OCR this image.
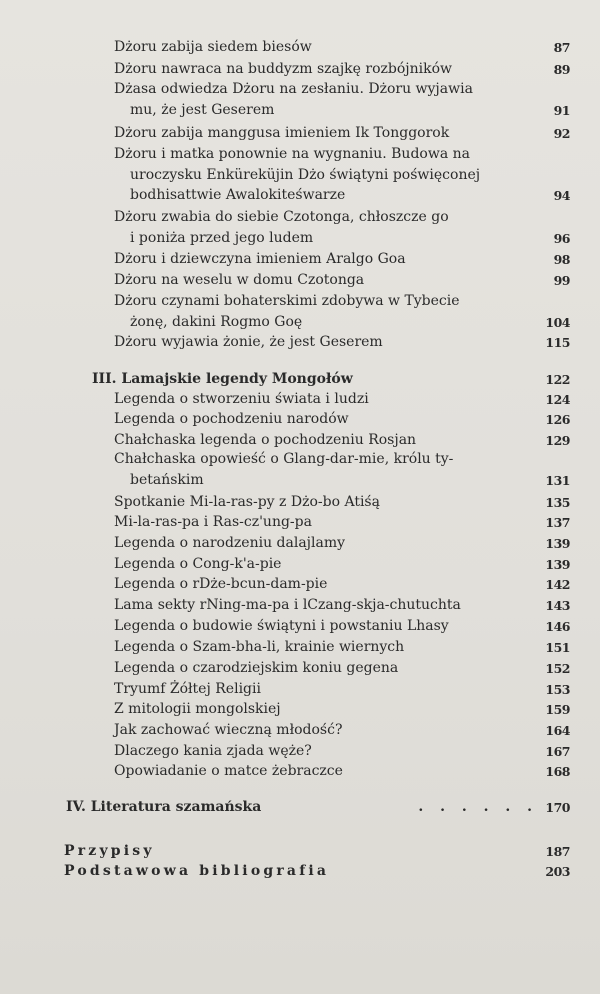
Dżoru zabija siedem biesów	87
Dżoru nawraca na buddyzm szajkę rozbójników	89
Dżasa odwiedza Dżoru na zesłaniu. Dżoru wyjawia
mu, że jest Geserem	91
Dżoru zabija manggusa imieniem Ik Tonggorok	92
Dżoru i matka ponownie na wygnaniu. Budowa na
uroczysku Enküreküjin Dżo świątyni poświęconej
bodhisattwie Awalokiteśwarze	94
Dżoru zwabia do siebie Czotonga, chłoszcze go
i poniża przed jego ludem	96
Dżoru i dziewczyna imieniem Aralgo Goa	98
Dżoru na weselu w domu Czotonga	99
Dżoru czynami bohaterskimi zdobywa w Tybecie
żonę, dakini Rogmo Goę	104
Dżoru wyjawia żonie, że jest Geserem	115
III. Lamajskie legendy Mongołów	122
Legenda o stworzeniu świata i ludzi	124
Legenda o pochodzeniu narodów	126
Chałchaska legenda o pochodzeniu Rosjan	129
Chałchaska opowieść o Glang-dar-mie, królu ty-
betańskim	131
Spotkanie Mi-la-ras-py z Dżo-bo Atiśą	135
Mi-la-ras-pa i Ras-cz'ung-pa	137
Legenda o narodzeniu dalajlamy	139
Legenda o Cong-k'a-pie	139
Legenda o rDże-bcun-dam-pie	142
Lama sekty rNing-ma-pa i lCzang-skja-chutuchta	143
Legenda o budowie świątyni i powstaniu Lhasy	146
Legenda o Szam-bha-li, krainie wiernych	151
Legenda o czarodziejskim koniu gegena	152
Tryumf Żółtej Religii	153
Z mitologii mongolskiej	159
Jak zachować wieczną młodość?	164
Dlaczego kania zjada węże?	167
Opowiadanie o matce żebraczce	168
IV. Literatura szamańska	. . . . . . 170
Przypisy	187
Podstawowa bibliografia	203
